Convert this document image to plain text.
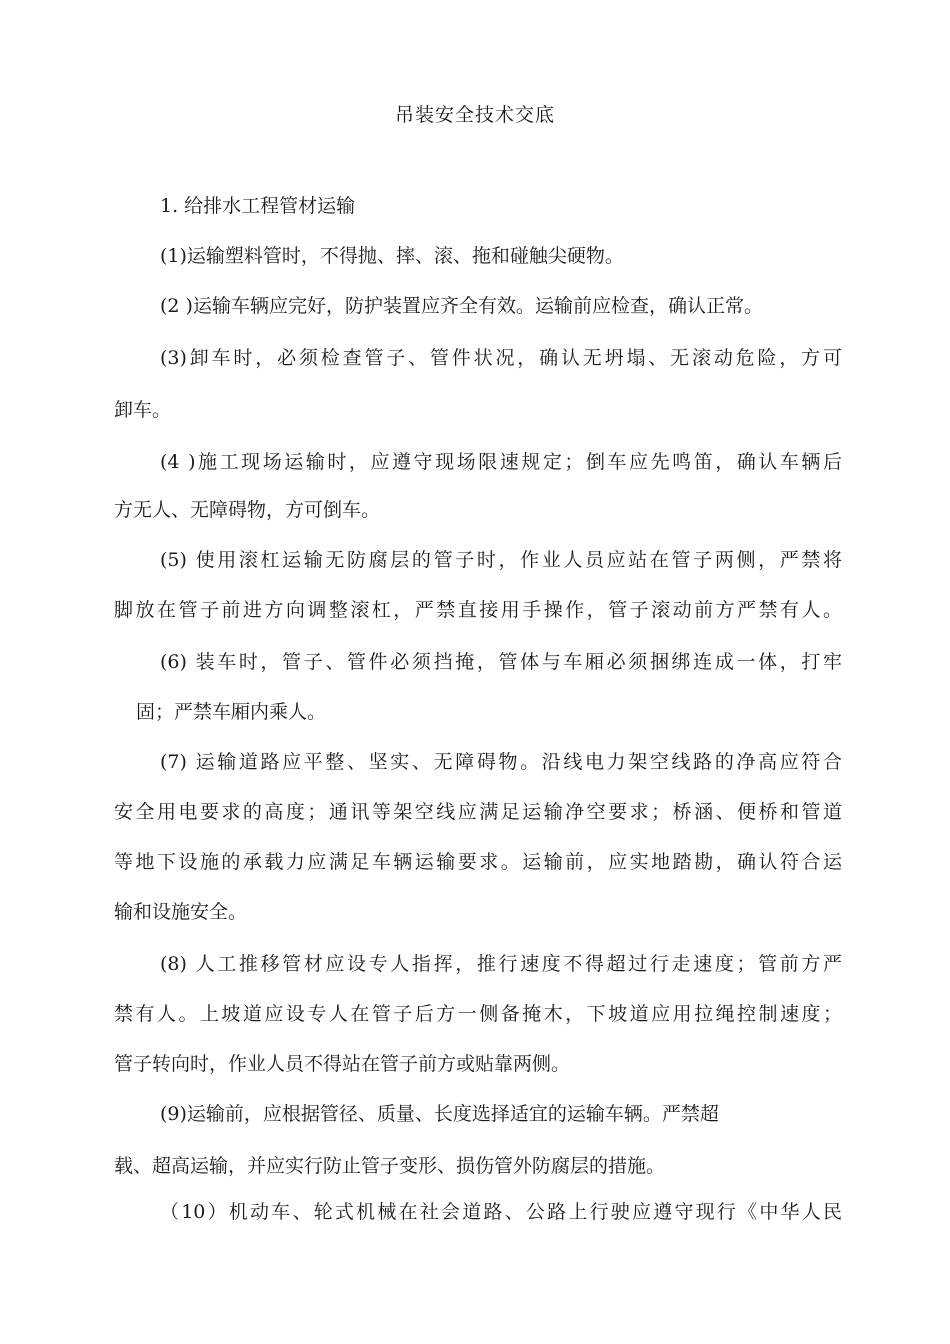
吊装安全技术交底
1. 给排水工程管材运输
(1)运输塑料管时，不得抛、摔、滚、拖和碰触尖硬物。
(2 )运输车辆应完好，防护装置应齐全有效。运输前应检查，确认正常。
(3)卸车时，必须检查管子、管件状况，确认无坍塌、无滚动危险，方可
卸车。
(4 )施工现场运输时，应遵守现场限速规定；倒车应先鸣笛，确认车辆后
方无人、无障碍物，方可倒车。
(5) 使用滚杠运输无防腐层的管子时，作业人员应站在管子两侧，严禁将
脚放在管子前进方向调整滚杠，严禁直接用手操作，管子滚动前方严禁有人。
(6) 装车时，管子、管件必须挡掩，管体与车厢必须捆绑连成一体，打牢
固；严禁车厢内乘人。
(7) 运输道路应平整、坚实、无障碍物。沿线电力架空线路的净高应符合
安全用电要求的高度；通讯等架空线应满足运输净空要求；桥涵、便桥和管道
等地下设施的承载力应满足车辆运输要求。运输前，应实地踏勘，确认符合运
输和设施安全。
(8) 人工推移管材应设专人指挥，推行速度不得超过行走速度；管前方严
禁有人。上坡道应设专人在管子后方一侧备掩木，下坡道应用拉绳控制速度；
管子转向时，作业人员不得站在管子前方或贴靠两侧。
(9)运输前，应根据管径、质量、长度选择适宜的运输车辆。严禁超
载、超高运输，并应实行防止管子变形、损伤管外防腐层的措施。
（10）机动车、轮式机械在社会道路、公路上行驶应遵守现行《中华人民
